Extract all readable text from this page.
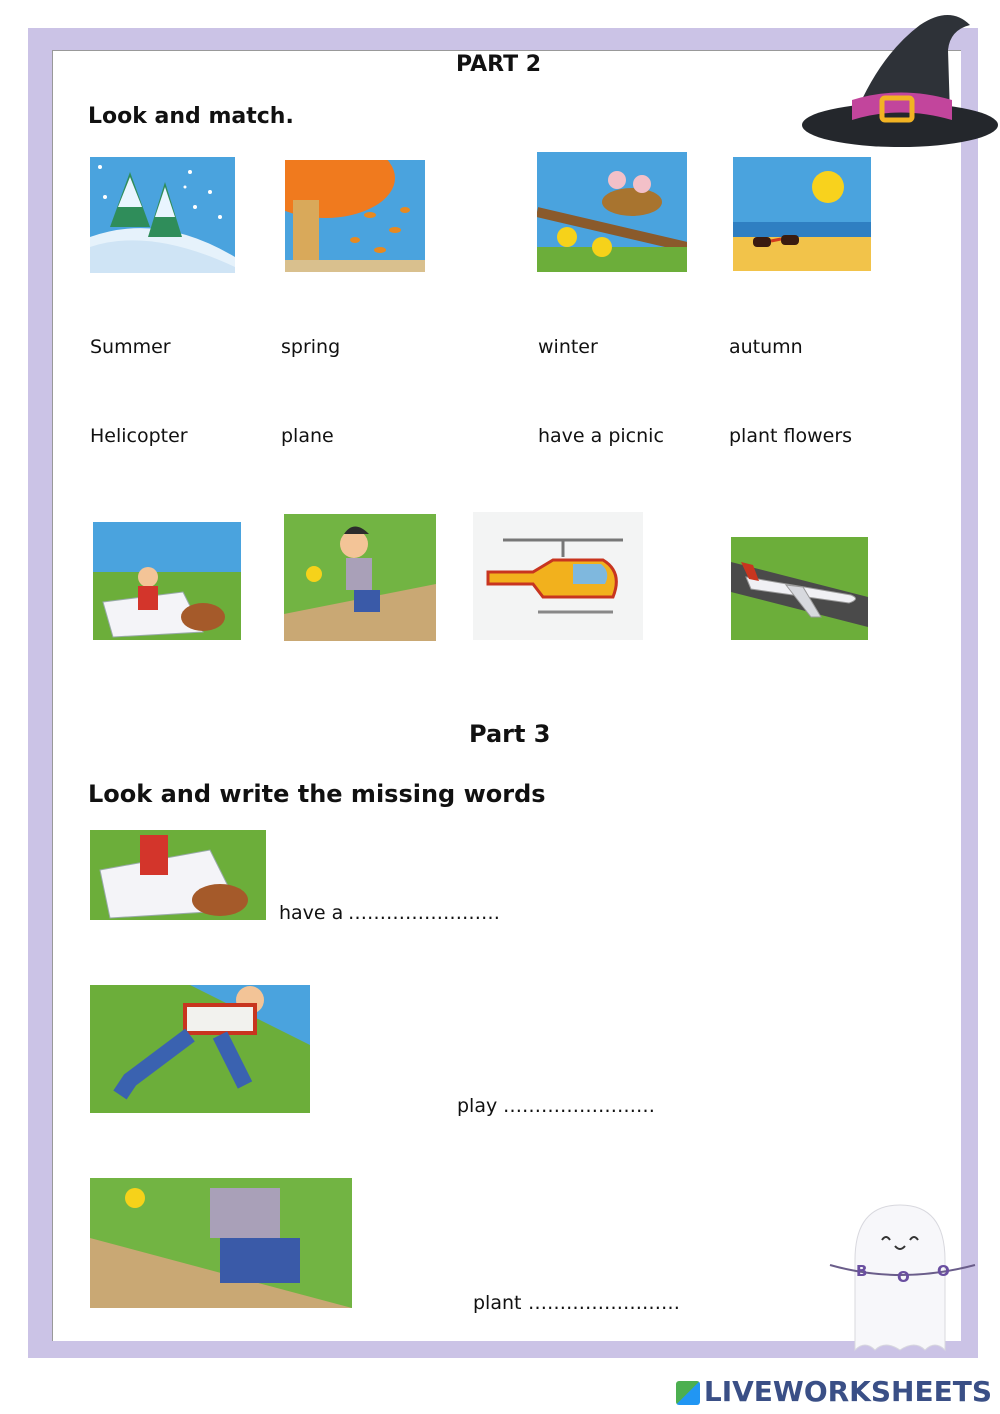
PART 2
Look and match.
Summer	spring	winter	autumn
Helicopter	plane	have a picnic	plant flowers
Part 3
Look and write the missing words
have a ……………………
play ……………………
plant ……………………
B O O
LIVEWORKSHEETS
